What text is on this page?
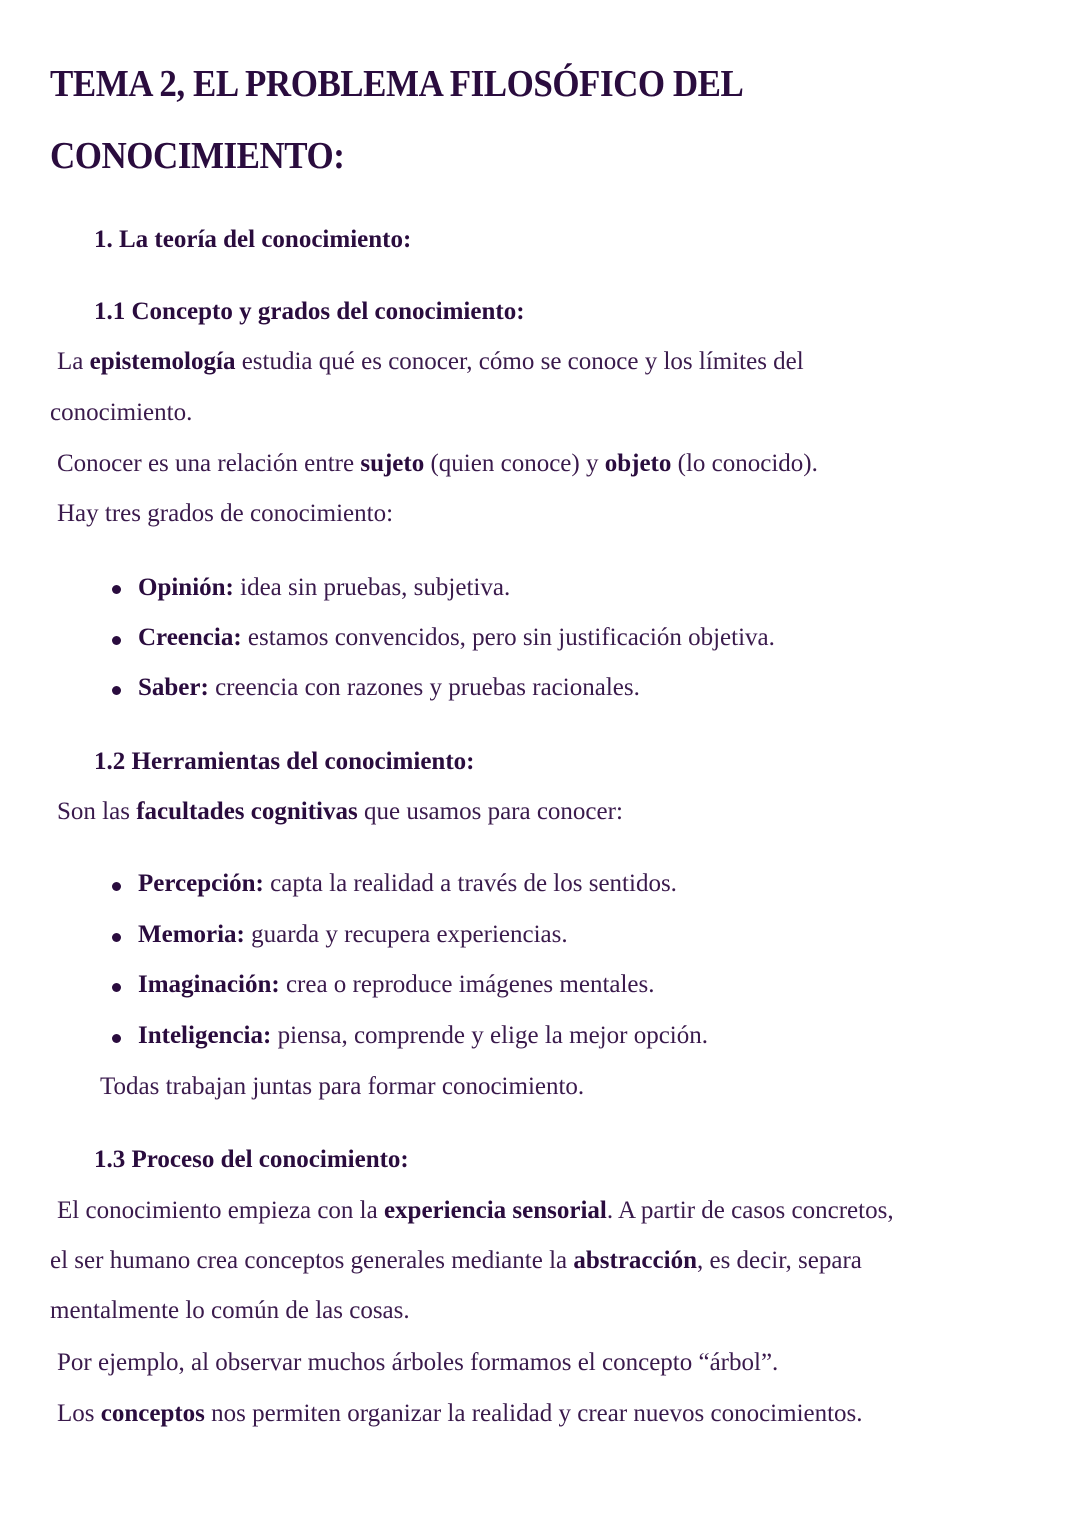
TEMA 2, EL PROBLEMA FILOSÓFICO DEL
CONOCIMIENTO:
1. La teoría del conocimiento:
1.1 Concepto y grados del conocimiento:
La epistemología estudia qué es conocer, cómo se conoce y los límites del
conocimiento.
Conocer es una relación entre sujeto (quien conoce) y objeto (lo conocido).
Hay tres grados de conocimiento:
Opinión: idea sin pruebas, subjetiva.
Creencia: estamos convencidos, pero sin justificación objetiva.
Saber: creencia con razones y pruebas racionales.
1.2 Herramientas del conocimiento:
Son las facultades cognitivas que usamos para conocer:
Percepción: capta la realidad a través de los sentidos.
Memoria: guarda y recupera experiencias.
Imaginación: crea o reproduce imágenes mentales.
Inteligencia: piensa, comprende y elige la mejor opción.
Todas trabajan juntas para formar conocimiento.
1.3 Proceso del conocimiento:
El conocimiento empieza con la experiencia sensorial. A partir de casos concretos,
el ser humano crea conceptos generales mediante la abstracción, es decir, separa
mentalmente lo común de las cosas.
Por ejemplo, al observar muchos árboles formamos el concepto “árbol”.
Los conceptos nos permiten organizar la realidad y crear nuevos conocimientos.
